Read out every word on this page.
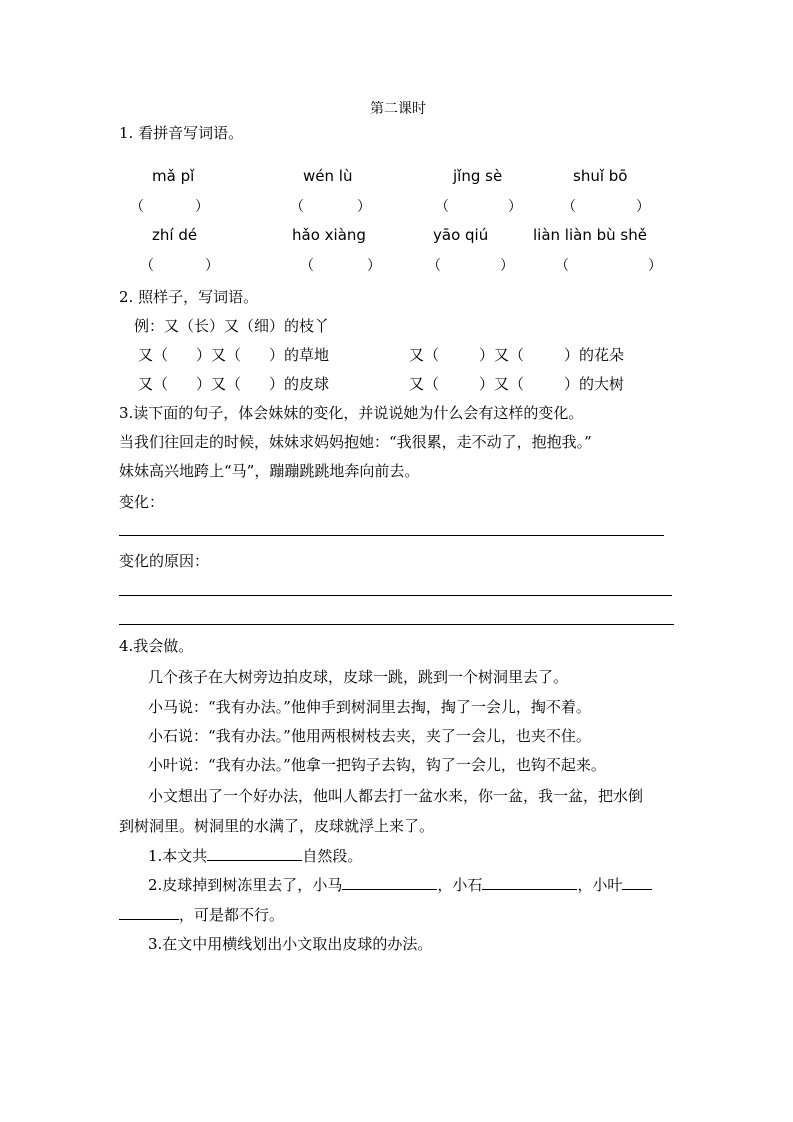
第二课时
1. 看拼音写词语。
mǎ pǐ	wén lù	jǐng sè	shuǐ bō
（	）	（	）	（	）	（	）
zhí dé	hǎo xiàng	yāo qiú	liàn liàn bù shě
（	）	（	）	（	）	（	）
2. 照样子，写词语。
例：又（长）又（细）的枝丫
又（ ）又（ ）的草地	又（	）又（	）的花朵
又（ ）又（ ）的皮球	又（	）又（	）的大树
3.读下面的句子，体会妹妹的变化，并说说她为什么会有这样的变化。
当我们往回走的时候，妹妹求妈妈抱她：“我很累，走不动了，抱抱我。”
妹妹高兴地跨上“马”，蹦蹦跳跳地奔向前去。
变化：
变化的原因：
4.我会做。
几个孩子在大树旁边拍皮球，皮球一跳，跳到一个树洞里去了。
小马说：“我有办法。”他伸手到树洞里去掏，掏了一会儿，掏不着。
小石说：“我有办法。”他用两根树枝去夹，夹了一会儿，也夹不住。
小叶说：“我有办法。”他拿一把钩子去钩，钩了一会儿，也钩不起来。
小文想出了一个好办法，他叫人都去打一盆水来，你一盆，我一盆，把水倒
到树洞里。树洞里的水满了，皮球就浮上来了。
1.本文共	自然段。
2.皮球掉到树冻里去了，小马	，小石	，小叶
，可是都不行。
3.在文中用横线划出小文取出皮球的办法。
